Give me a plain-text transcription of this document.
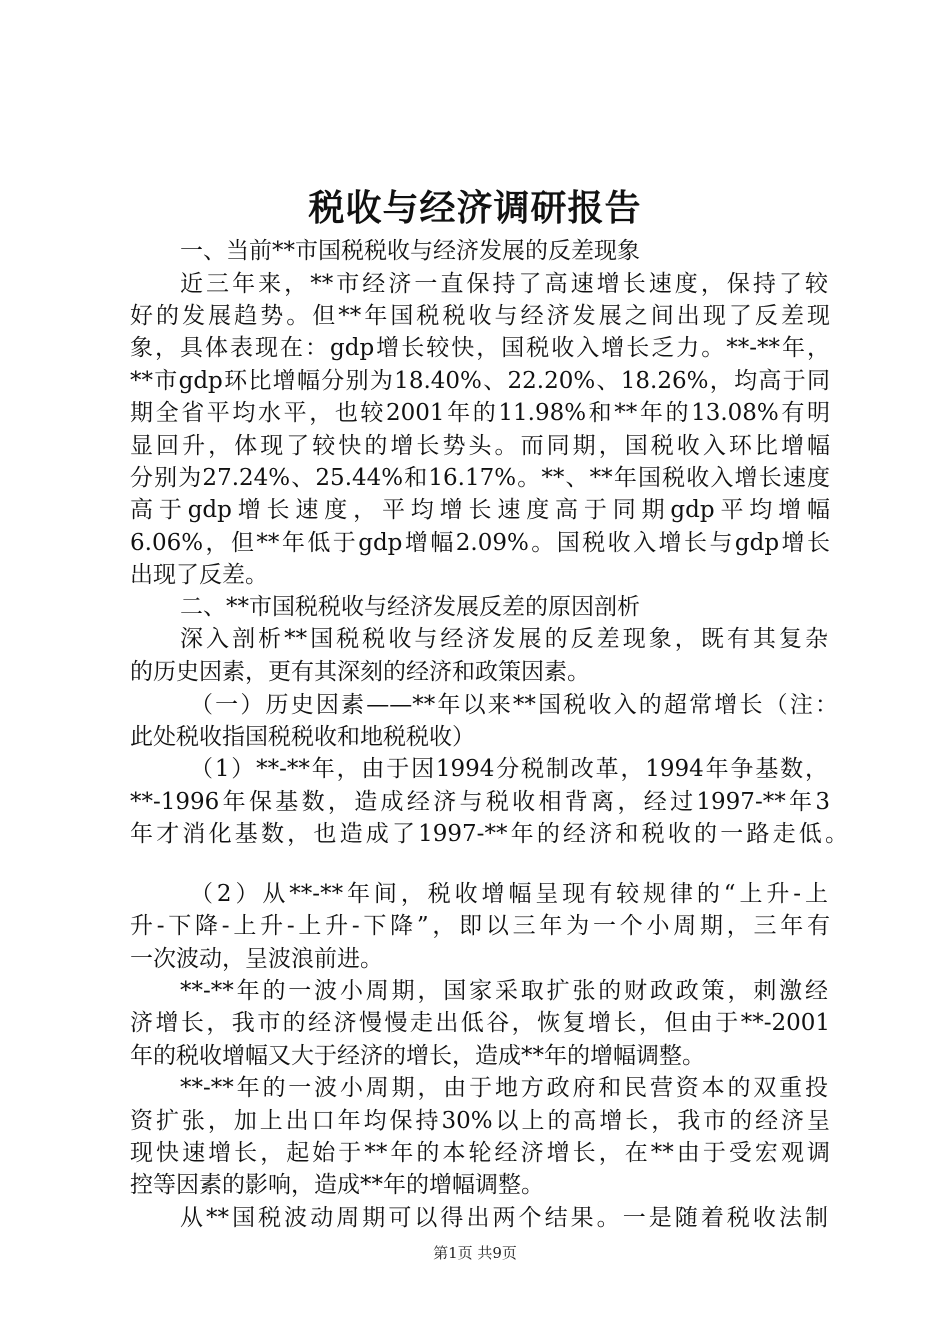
税收与经济调研报告
一、当前**市国税税收与经济发展的反差现象
近三年来，**市经济一直保持了高速增长速度，保持了较
好的发展趋势。但**年国税税收与经济发展之间出现了反差现
象，具体表现在：gdp增长较快，国税收入增长乏力。**-**年，
**市gdp环比增幅分别为18.40%、22.20%、18.26%，均高于同
期全省平均水平，也较2001年的11.98%和**年的13.08%有明
显回升，体现了较快的增长势头。而同期，国税收入环比增幅
分别为27.24%、25.44%和16.17%。**、**年国税收入增长速度
高于gdp增长速度，平均增长速度高于同期gdp平均增幅
6.06%，但**年低于gdp增幅2.09%。国税收入增长与gdp增长
出现了反差。
二、**市国税税收与经济发展反差的原因剖析
深入剖析**国税税收与经济发展的反差现象，既有其复杂
的历史因素，更有其深刻的经济和政策因素。
（一）历史因素——**年以来**国税收入的超常增长（注：
此处税收指国税税收和地税税收）
（1）**-**年，由于因1994分税制改革，1994年争基数，
**-1996年保基数，造成经济与税收相背离，经过1997-**年3
年才消化基数，也造成了1997-**年的经济和税收的一路走低。
（2）从**-**年间，税收增幅呈现有较规律的“上升-上
升-下降-上升-上升-下降”，即以三年为一个小周期，三年有
一次波动，呈波浪前进。
**-**年的一波小周期，国家采取扩张的财政政策，刺激经
济增长，我市的经济慢慢走出低谷，恢复增长，但由于**-2001
年的税收增幅又大于经济的增长，造成**年的增幅调整。
**-**年的一波小周期，由于地方政府和民营资本的双重投
资扩张，加上出口年均保持30%以上的高增长，我市的经济呈
现快速增长，起始于**年的本轮经济增长，在**由于受宏观调
控等因素的影响，造成**年的增幅调整。
从**国税波动周期可以得出两个结果。一是随着税收法制
第1页 共9页
